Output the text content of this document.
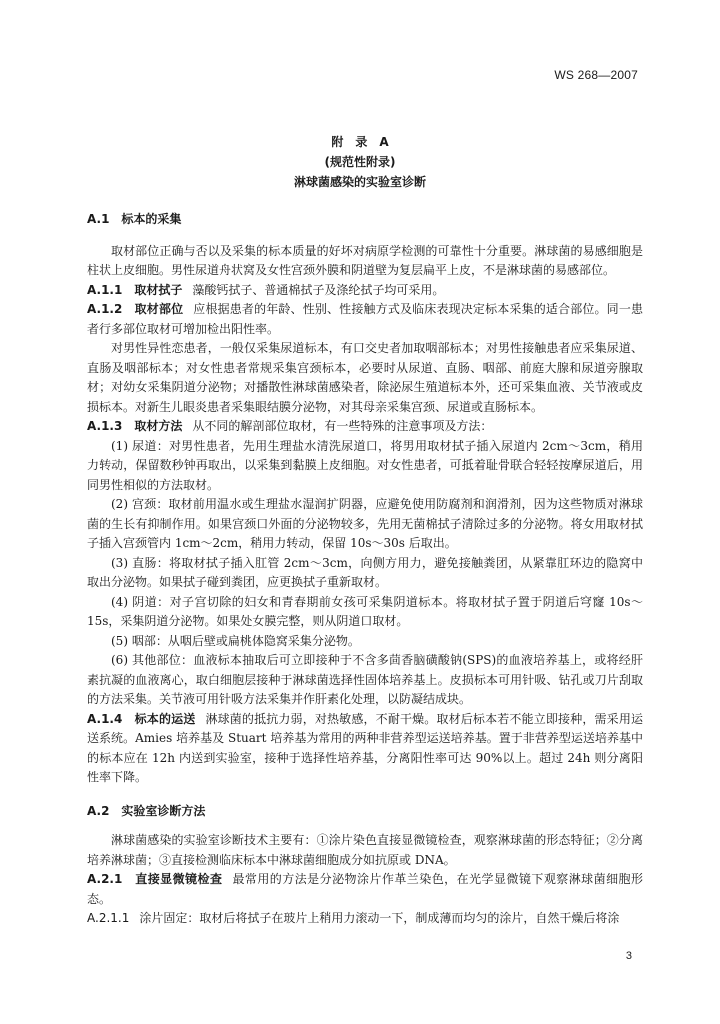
WS 268—2007
附录A
(规范性附录)
淋球菌感染的实验室诊断
A.1　标本的采集

取材部位正确与否以及采集的标本质量的好坏对病原学检测的可靠性十分重要。淋球菌的易感细胞是柱状上皮细胞。男性尿道舟状窝及女性宫颈外膜和阴道壁为复层扁平上皮，不是淋球菌的易感部位。

A.1.1　取材拭子 藻酸钙拭子、普通棉拭子及涤纶拭子均可采用。

A.1.2　取材部位 应根据患者的年龄、性别、性接触方式及临床表现决定标本采集的适合部位。同一患者行多部位取材可增加检出阳性率。

对男性异性恋患者，一般仅采集尿道标本，有口交史者加取咽部标本；对男性接触患者应采集尿道、直肠及咽部标本；对女性患者常规采集宫颈标本，必要时从尿道、直肠、咽部、前庭大腺和尿道旁腺取材；对幼女采集阴道分泌物；对播散性淋球菌感染者，除泌尿生殖道标本外，还可采集血液、关节液或皮损标本。对新生儿眼炎患者采集眼结膜分泌物，对其母亲采集宫颈、尿道或直肠标本。

A.1.3　取材方法 从不同的解剖部位取材，有一些特殊的注意事项及方法：

(1) 尿道：对男性患者，先用生理盐水清洗尿道口，将男用取材拭子插入尿道内 2cm～3cm，稍用力转动，保留数秒钟再取出，以采集到黏膜上皮细胞。对女性患者，可抵着耻骨联合轻轻按摩尿道后，用同男性相似的方法取材。

(2) 宫颈：取材前用温水或生理盐水湿润扩阴器，应避免使用防腐剂和润滑剂，因为这些物质对淋球菌的生长有抑制作用。如果宫颈口外面的分泌物较多，先用无菌棉拭子清除过多的分泌物。将女用取材拭子插入宫颈管内 1cm～2cm，稍用力转动，保留 10s～30s 后取出。

(3) 直肠：将取材拭子插入肛管 2cm～3cm，向侧方用力，避免接触粪团，从紧靠肛环边的隐窝中取出分泌物。如果拭子碰到粪团，应更换拭子重新取材。

(4) 阴道：对子宫切除的妇女和青春期前女孩可采集阴道标本。将取材拭子置于阴道后穹窿 10s～15s，采集阴道分泌物。如果处女膜完整，则从阴道口取材。

(5) 咽部：从咽后壁或扁桃体隐窝采集分泌物。

(6) 其他部位：血液标本抽取后可立即接种于不含多茴香脑磺酸钠(SPS)的血液培养基上，或将经肝素抗凝的血液离心，取白细胞层接种于淋球菌选择性固体培养基上。皮损标本可用针吸、钻孔或刀片刮取的方法采集。关节液可用针吸方法采集并作肝素化处理，以防凝结成块。

A.1.4　标本的运送 淋球菌的抵抗力弱，对热敏感，不耐干燥。取材后标本若不能立即接种，需采用运送系统。Amies 培养基及 Stuart 培养基为常用的两种非营养型运送培养基。置于非营养型运送培养基中的标本应在 12h 内送到实验室，接种于选择性培养基，分离阳性率可达 90%以上。超过 24h 则分离阳性率下降。

A.2　实验室诊断方法

淋球菌感染的实验室诊断技术主要有：①涂片染色直接显微镜检查，观察淋球菌的形态特征；②分离培养淋球菌；③直接检测临床标本中淋球菌细胞成分如抗原或 DNA。

A.2.1　直接显微镜检查 最常用的方法是分泌物涂片作革兰染色，在光学显微镜下观察淋球菌细胞形态。

A.2.1.1 涂片固定：取材后将拭子在玻片上稍用力滚动一下，制成薄而均匀的涂片，自然干燥后将涂

3
